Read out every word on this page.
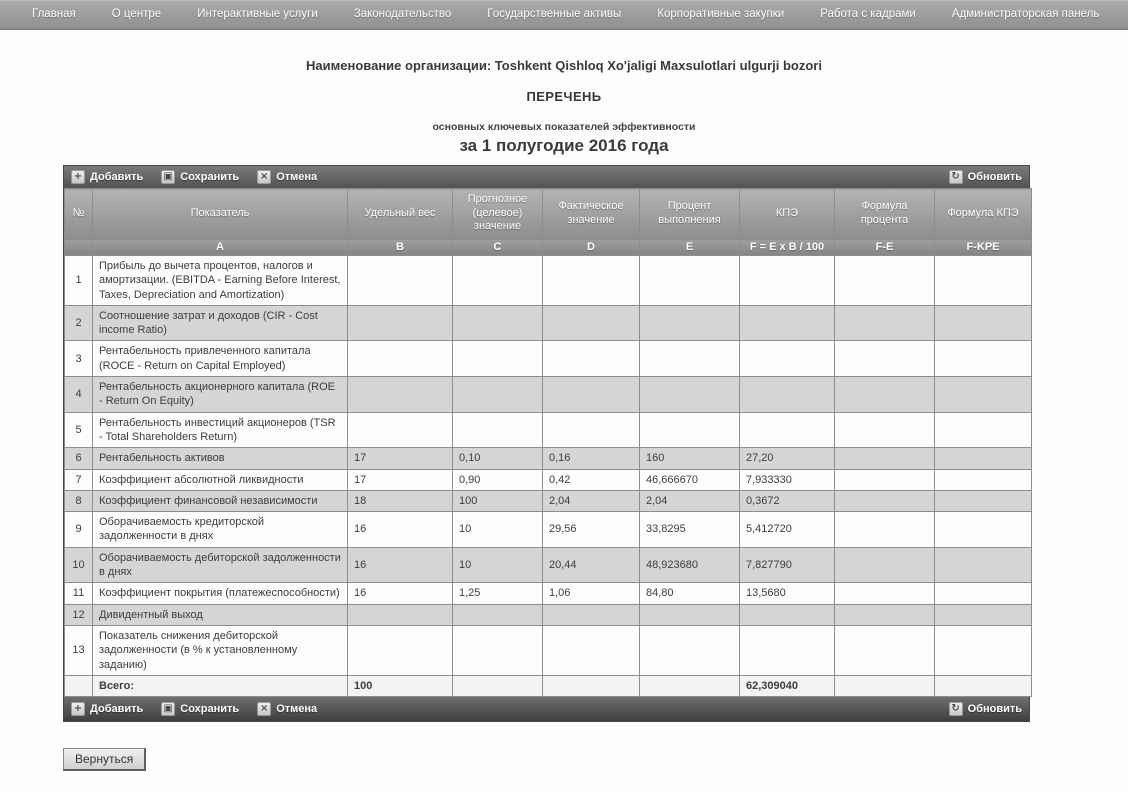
Главная	О центре	Интерактивные услуги	Законодательство	Государственные активы	Корпоративные закупки	Работа с кадрами	Администраторская панель
Наименование организации: Toshkent Qishloq Xo'jaligi Maxsulotlari ulgurji bozori
ПЕРЕЧЕНЬ
основных ключевых показателей эффективности
за 1 полугодие 2016 года
+ Добавить ▣ Сохранить × Отмена	↻ Обновить
№	Показатель	Удельный вес	Прогнозное (целевое) значение	Фактическое значение	Процент выполнения	КПЭ	Формула процента	Формула КПЭ
	A	B	C	D	E	F = E x B / 100	F-E	F-KPE
1	Прибыль до вычета процентов, налогов и амортизации. (EBITDA - Earning Before Interest, Taxes, Depreciation and Amortization)							
2	Соотношение затрат и доходов (CIR - Cost income Ratio)							
3	Рентабельность привлеченного капитала (ROCE - Return on Capital Employed)							
4	Рентабельность акционерного капитала (ROE - Return On Equity)							
5	Рентабельность инвестиций акционеров (TSR - Total Shareholders Return)							
6	Рентабельность активов	17	0,10	0,16	160	27,20		
7	Коэффициент абсолютной ликвидности	17	0,90	0,42	46,666670	7,933330		
8	Коэффициент финансовой независимости	18	100	2,04	2,04	0,3672		
9	Оборачиваемость кредиторской задолженности в днях	16	10	29,56	33,8295	5,412720		
10	Оборачиваемость дебиторской задолженности в днях	16	10	20,44	48,923680	7,827790		
11	Коэффициент покрытия (платежеспособности)	16	1,25	1,06	84,80	13,5680		
12	Дивидентный выход							
13	Показатель снижения дебиторской задолженности (в % к установленному заданию)							
	Всего:	100				62,309040		
+ Добавить ▣ Сохранить × Отмена	↻ Обновить
Вернуться
